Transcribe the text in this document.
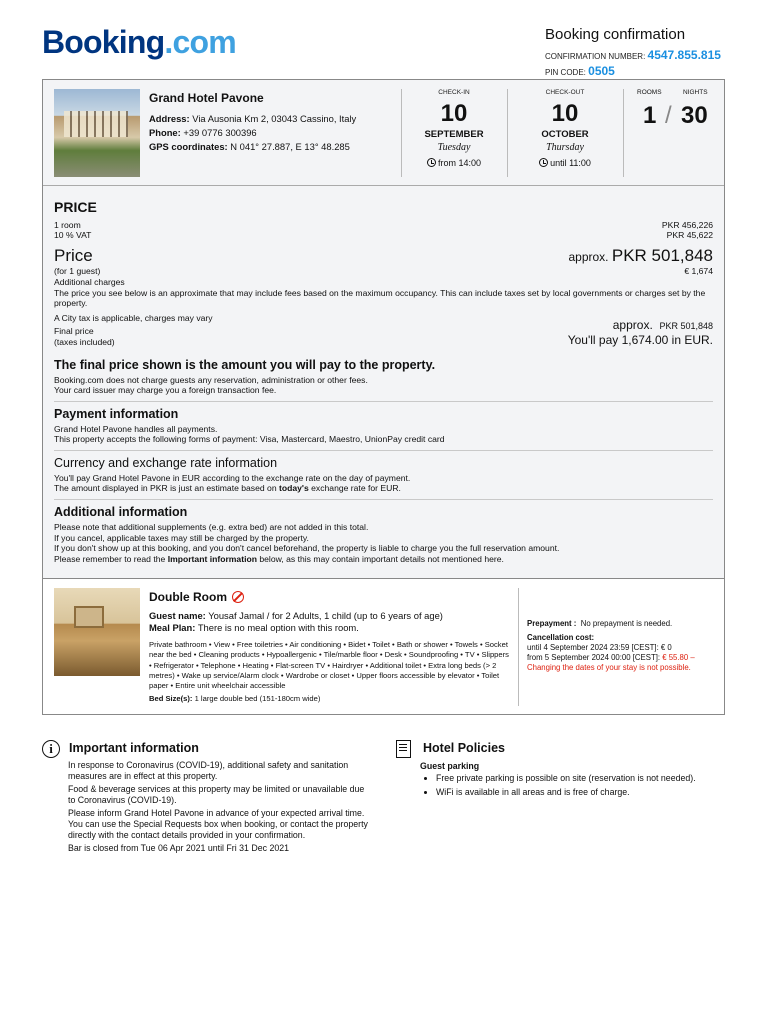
Booking.com	Booking confirmation
CONFIRMATION NUMBER: 4547.855.815
PIN CODE: 0505
Grand Hotel Pavone
Address: Via Ausonia Km 2, 03043 Cassino, Italy
Phone: +39 0776 300396
GPS coordinates: N 041° 27.887, E 13° 48.285
CHECK-IN
10
SEPTEMBER
Tuesday
from 14:00
CHECK-OUT
10
OCTOBER
Thursday
until 11:00
ROOMS	NIGHTS
1 / 30
PRICE
1 room	PKR 456,226
10 % VAT	PKR 45,622
Price	approx. PKR 501,848
(for 1 guest)	€ 1,674
Additional charges
The price you see below is an approximate that may include fees based on the maximum occupancy. This can include taxes set by local governments or charges set by the property.
A City tax is applicable, charges may vary
Final price
(taxes included)
approx. PKR 501,848
You'll pay 1,674.00 in EUR.
The final price shown is the amount you will pay to the property.
Booking.com does not charge guests any reservation, administration or other fees.
Your card issuer may charge you a foreign transaction fee.
Payment information
Grand Hotel Pavone handles all payments.
This property accepts the following forms of payment: Visa, Mastercard, Maestro, UnionPay credit card
Currency and exchange rate information
You'll pay Grand Hotel Pavone in EUR according to the exchange rate on the day of payment.
The amount displayed in PKR is just an estimate based on today's exchange rate for EUR.
Additional information
Please note that additional supplements (e.g. extra bed) are not added in this total.
If you cancel, applicable taxes may still be charged by the property.
If you don't show up at this booking, and you don't cancel beforehand, the property is liable to charge you the full reservation amount.
Please remember to read the Important information below, as this may contain important details not mentioned here.
Double Room
Guest name: Yousaf Jamal / for 2 Adults, 1 child (up to 6 years of age)
Meal Plan: There is no meal option with this room.
Private bathroom • View • Free toiletries • Air conditioning • Bidet • Toilet • Bath or shower • Towels • Socket near the bed • Cleaning products • Hypoallergenic • Tile/marble floor • Desk • Soundproofing • TV • Slippers • Refrigerator • Telephone • Heating • Flat-screen TV • Hairdryer • Additional toilet • Extra long beds (> 2 metres) • Wake up service/Alarm clock • Wardrobe or closet • Upper floors accessible by elevator • Toilet paper • Entire unit wheelchair accessible
Bed Size(s): 1 large double bed (151-180cm wide)
Prepayment : No prepayment is needed.
Cancellation cost:
until 4 September 2024 23:59 [CEST]: € 0
from 5 September 2024 00:00 [CEST]: € 55.80 –
Changing the dates of your stay is not possible.
i	Important information
In response to Coronavirus (COVID-19), additional safety and sanitation measures are in effect at this property.
Food & beverage services at this property may be limited or unavailable due to Coronavirus (COVID-19).
Please inform Grand Hotel Pavone in advance of your expected arrival time. You can use the Special Requests box when booking, or contact the property directly with the contact details provided in your confirmation.
Bar is closed from Tue 06 Apr 2021 until Fri 31 Dec 2021
Hotel Policies
Guest parking
• Free private parking is possible on site (reservation is not needed).
• WiFi is available in all areas and is free of charge.
